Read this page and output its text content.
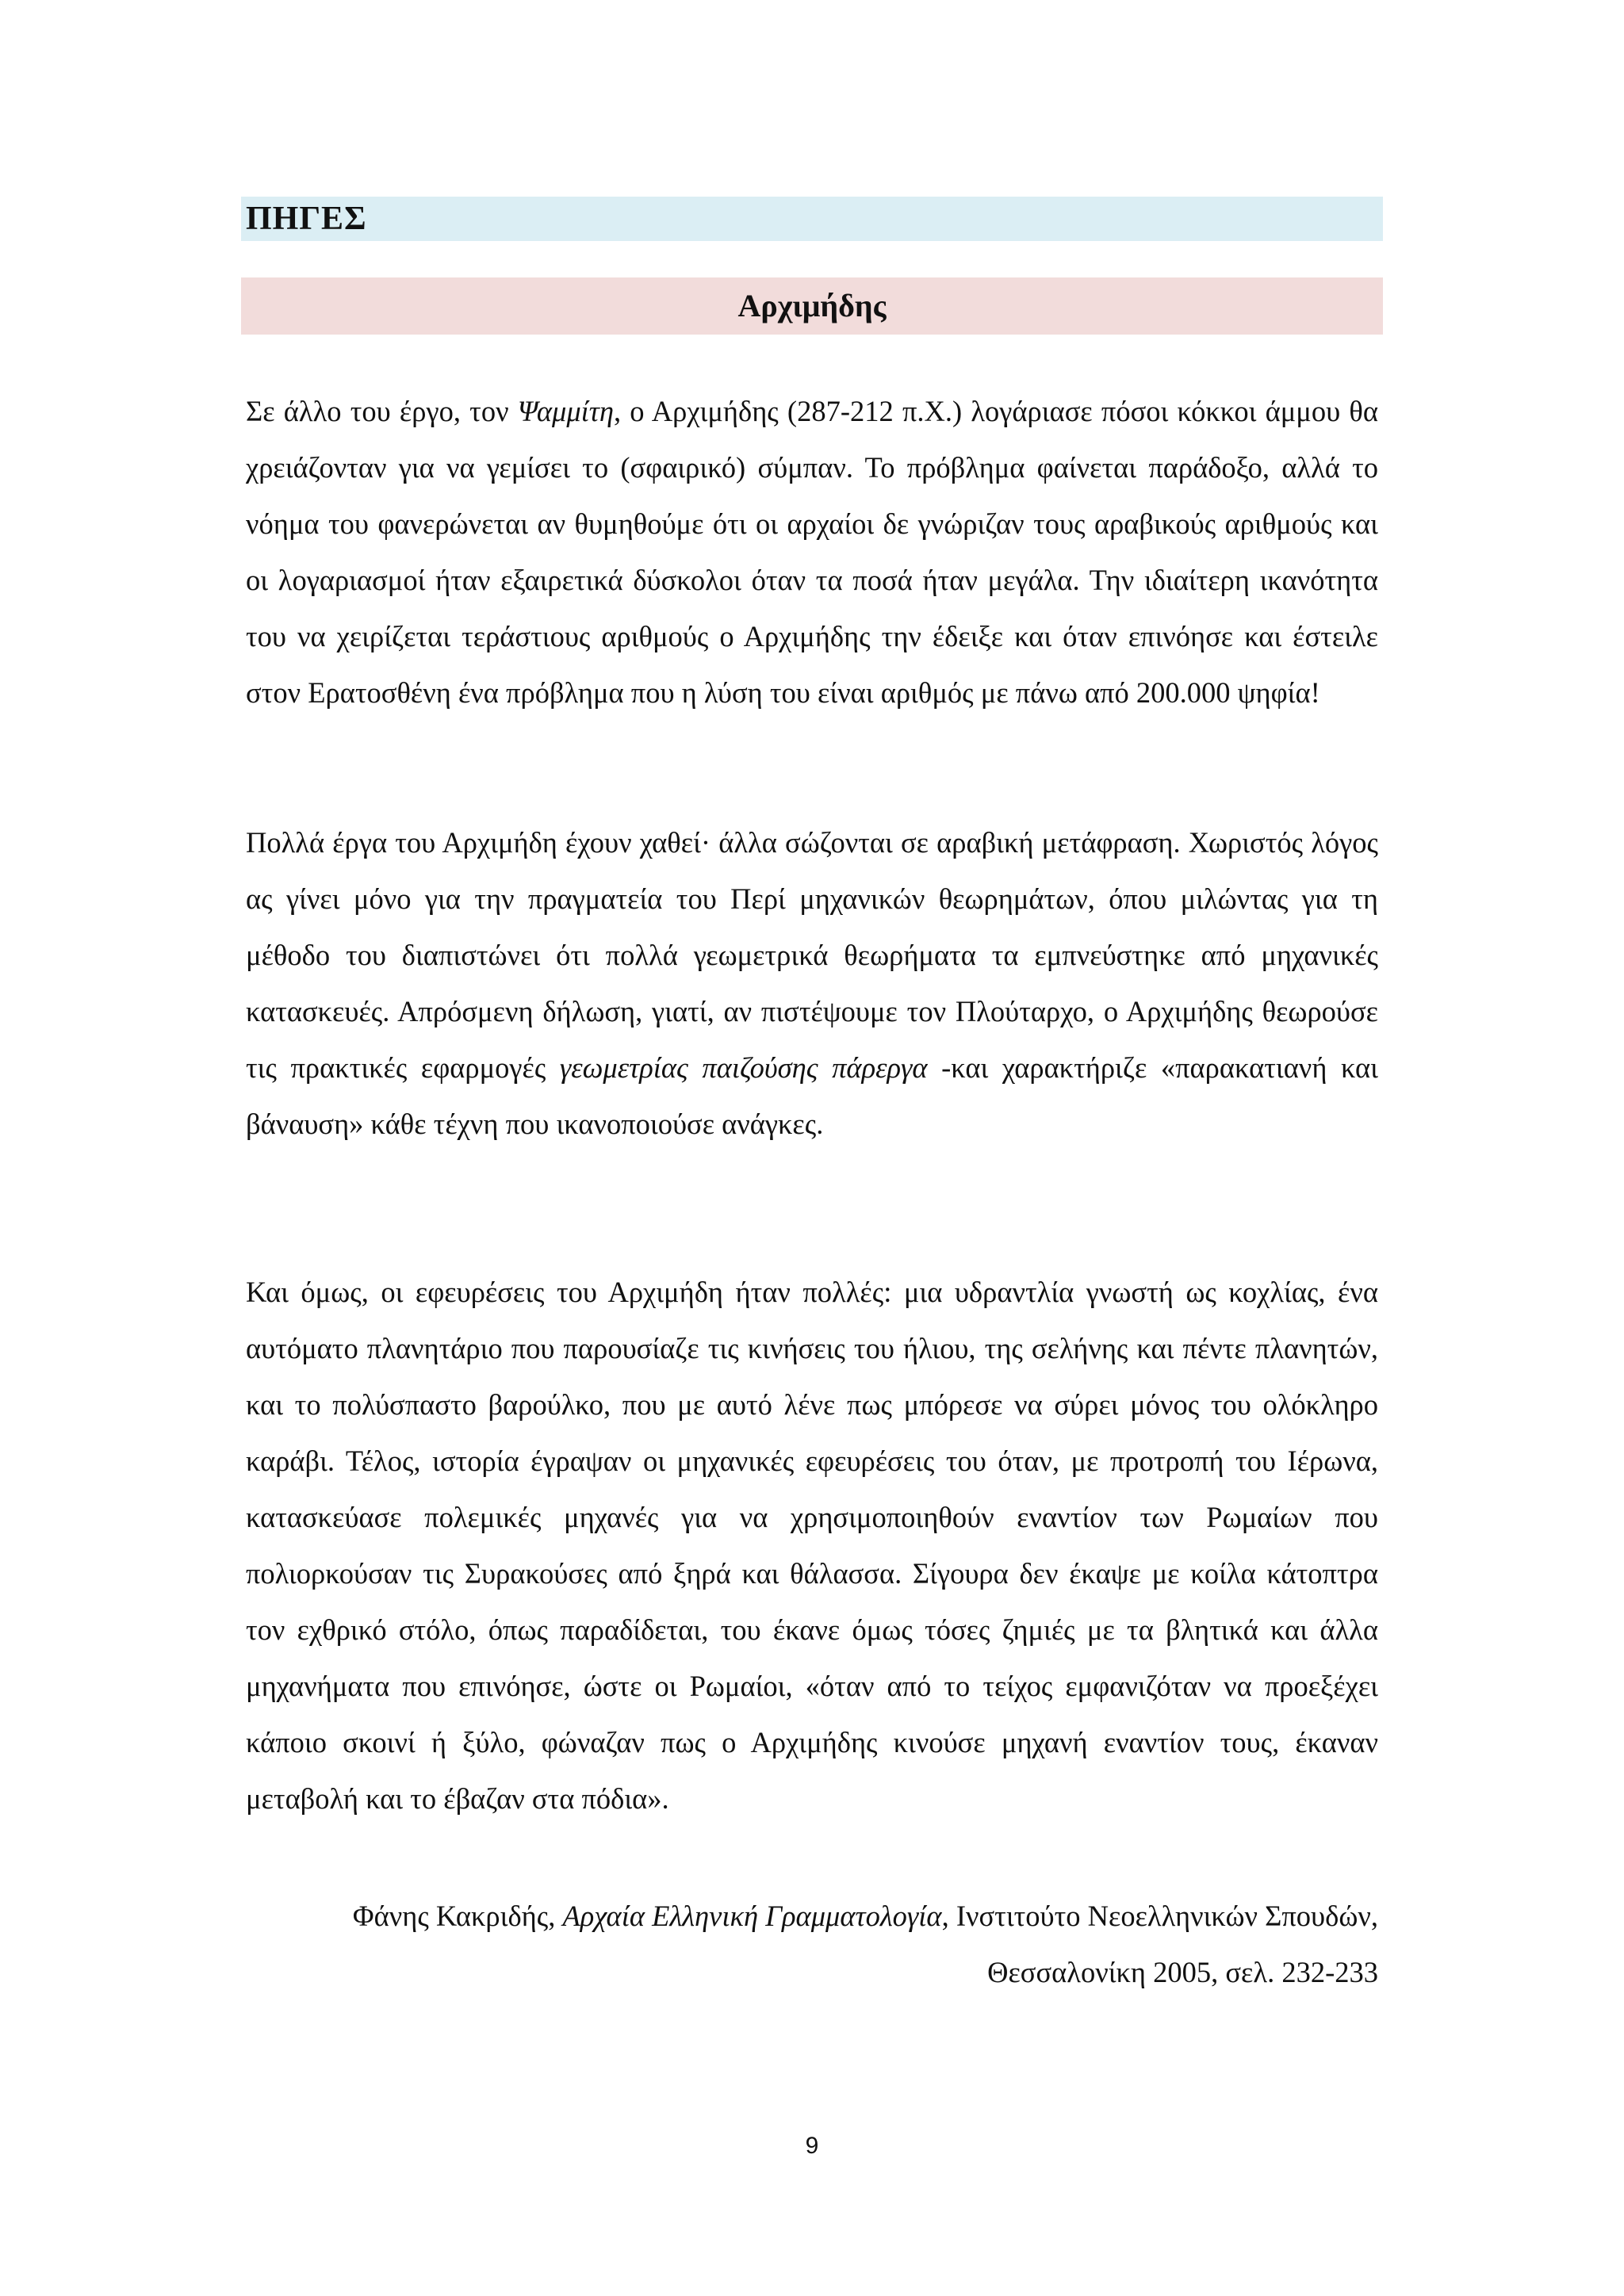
ΠΗΓΕΣ
Αρχιμήδης

Σε άλλο του έργο, τον Ψαμμίτη, ο Αρχιμήδης (287-212 π.Χ.) λογάριασε πόσοι κόκκοι άμμου θα χρειάζονταν για να γεμίσει το (σφαιρικό) σύμπαν. Το πρόβλημα φαίνεται παράδοξο, αλλά το νόημα του φανερώνεται αν θυμηθούμε ότι οι αρχαίοι δε γνώριζαν τους αραβικούς αριθμούς και οι λογαριασμοί ήταν εξαιρετικά δύσκολοι όταν τα ποσά ήταν μεγάλα. Την ιδιαίτερη ικανότητα του να χειρίζεται τεράστιους αριθμούς ο Αρχιμήδης την έδειξε και όταν επινόησε και έστειλε στον Ερατοσθένη ένα πρόβλημα που η λύση του είναι αριθμός με πάνω από 200.000 ψηφία!

Πολλά έργα του Αρχιμήδη έχουν χαθεί· άλλα σώζονται σε αραβική μετάφραση. Χωριστός λόγος ας γίνει μόνο για την πραγματεία του Περί μηχανικών θεωρημάτων, όπου μιλώντας για τη μέθοδο του διαπιστώνει ότι πολλά γεωμετρικά θεωρήματα τα εμπνεύστηκε από μηχανικές κατασκευές. Απρόσμενη δήλωση, γιατί, αν πιστέψουμε τον Πλούταρχο, ο Αρχιμήδης θεωρούσε τις πρακτικές εφαρμογές γεωμετρίας παιζούσης πάρεργα -και χαρακτήριζε «παρακατιανή και βάναυση» κάθε τέχνη που ικανοποιούσε ανάγκες.

Και όμως, οι εφευρέσεις του Αρχιμήδη ήταν πολλές: μια υδραντλία γνωστή ως κοχλίας, ένα αυτόματο πλανητάριο που παρουσίαζε τις κινήσεις του ήλιου, της σελήνης και πέντε πλανητών, και το πολύσπαστο βαρούλκο, που με αυτό λένε πως μπόρεσε να σύρει μόνος του ολόκληρο καράβι. Τέλος, ιστορία έγραψαν οι μηχανικές εφευρέσεις του όταν, με προτροπή του Ιέρωνα, κατασκεύασε πολεμικές μηχανές για να χρησιμοποιηθούν εναντίον των Ρωμαίων που πολιορκούσαν τις Συρακούσες από ξηρά και θάλασσα. Σίγουρα δεν έκαψε με κοίλα κάτοπτρα τον εχθρικό στόλο, όπως παραδίδεται, του έκανε όμως τόσες ζημιές με τα βλητικά και άλλα μηχανήματα που επινόησε, ώστε οι Ρωμαίοι, «όταν από το τείχος εμφανιζόταν να προεξέχει κάποιο σκοινί ή ξύλο, φώναζαν πως ο Αρχιμήδης κινούσε μηχανή εναντίον τους, έκαναν μεταβολή και το έβαζαν στα πόδια».

Φάνης Κακριδής, Αρχαία Ελληνική Γραμματολογία, Ινστιτούτο Νεοελληνικών Σπουδών, Θεσσαλονίκη 2005, σελ. 232-233

9
